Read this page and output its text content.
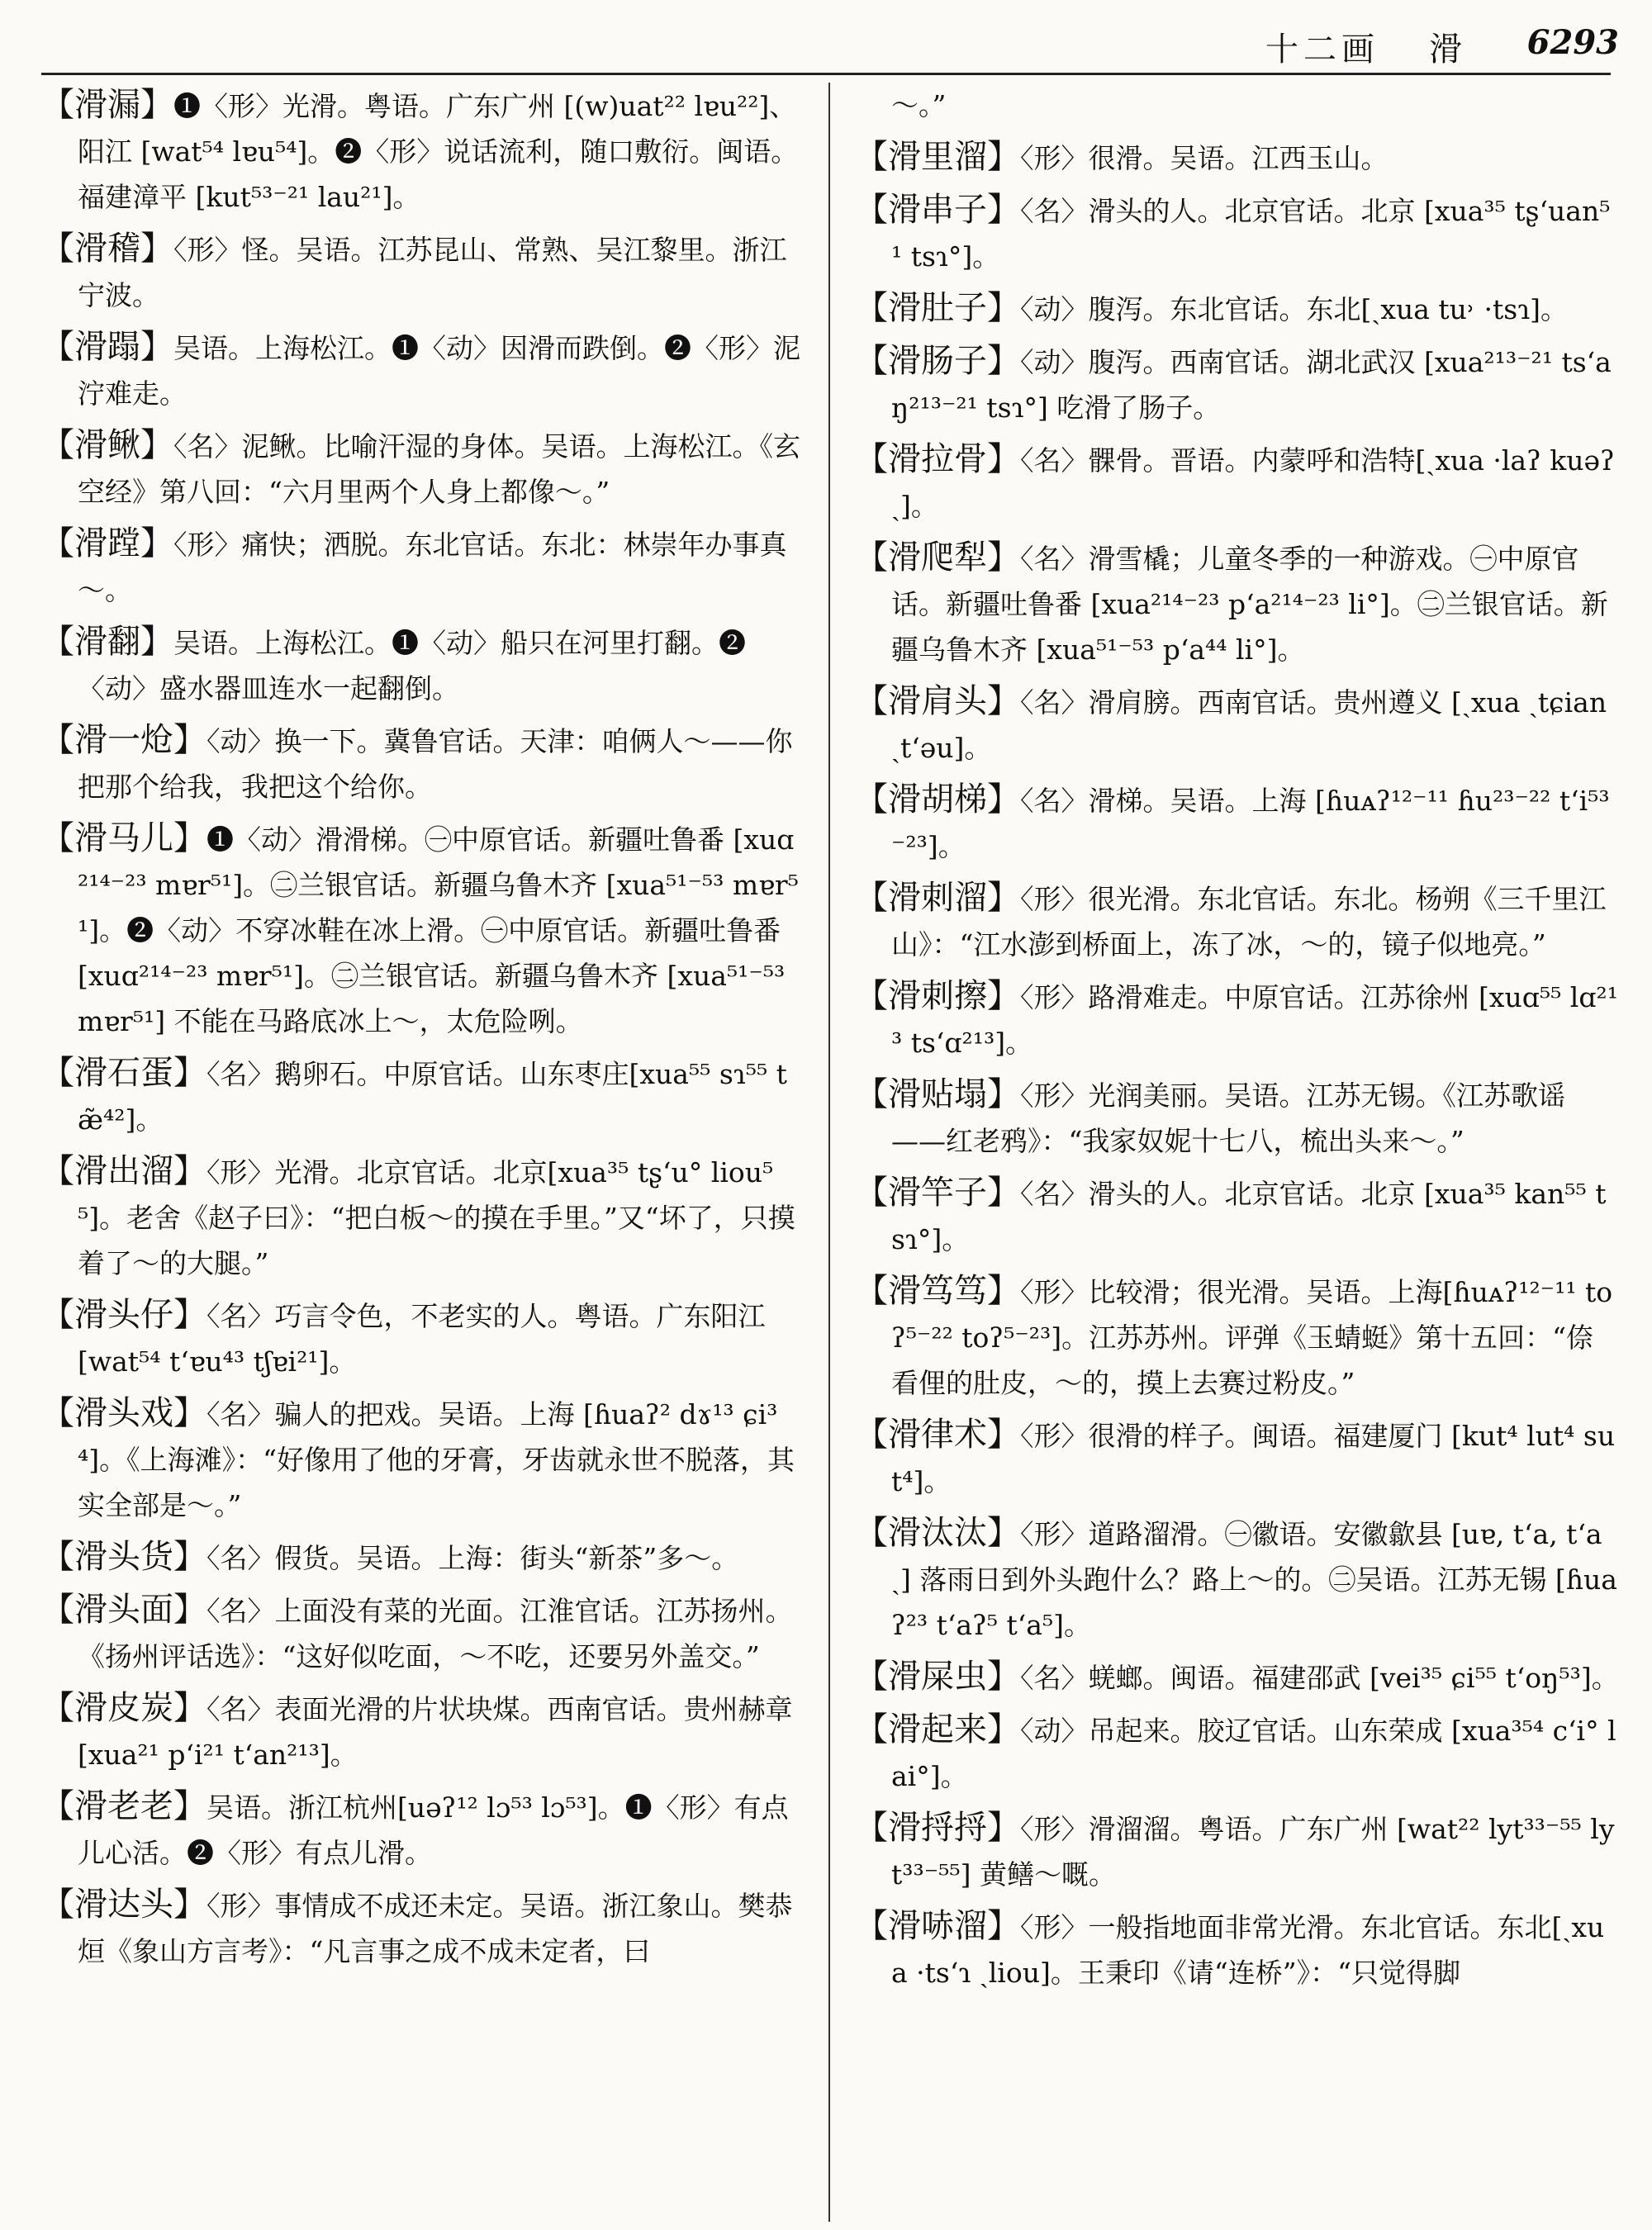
十二画 滑 6293

【滑漏】❶〈形〉光滑。粤语。广东广州 [(w)uat²² lɐu²²]、阳江 [wat⁵⁴ lɐu⁵⁴]。❷〈形〉说话流利，随口敷衍。闽语。福建漳平 [kut⁵³⁻²¹ lau²¹]。

【滑稽】〈形〉怪。吴语。江苏昆山、常熟、吴江黎里。浙江宁波。

【滑蹋】吴语。上海松江。❶〈动〉因滑而跌倒。❷〈形〉泥泞难走。

【滑鳅】〈名〉泥鳅。比喻汗湿的身体。吴语。上海松江。《玄空经》第八回：“六月里两个人身上都像～。”

【滑蹚】〈形〉痛快；洒脱。东北官话。东北：林崇年办事真～。

【滑翻】吴语。上海松江。❶〈动〉船只在河里打翻。❷〈动〉盛水器皿连水一起翻倒。

【滑一炝】〈动〉换一下。冀鲁官话。天津：咱俩人～——你把那个给我，我把这个给你。

【滑马儿】❶〈动〉滑滑梯。㊀中原官话。新疆吐鲁番 [xuɑ²¹⁴⁻²³ mɐr⁵¹]。㊁兰银官话。新疆乌鲁木齐 [xua⁵¹⁻⁵³ mɐr⁵¹]。❷〈动〉不穿冰鞋在冰上滑。㊀中原官话。新疆吐鲁番 [xuɑ²¹⁴⁻²³ mɐr⁵¹]。㊁兰银官话。新疆乌鲁木齐 [xua⁵¹⁻⁵³ mɐr⁵¹] 不能在马路底冰上～，太危险咧。

【滑石蛋】〈名〉鹅卵石。中原官话。山东枣庄[xua⁵⁵ sɿ⁵⁵ tæ̃⁴²]。

【滑出溜】〈形〉光滑。北京官话。北京[xua³⁵ tʂ‘u° liou⁵⁵]。老舍《赵子曰》：“把白板～的摸在手里。”又“坏了，只摸着了～的大腿。”

【滑头仔】〈名〉巧言令色，不老实的人。粤语。广东阳江 [wat⁵⁴ t‘ɐu⁴³ tʃɐi²¹]。

【滑头戏】〈名〉骗人的把戏。吴语。上海 [ɦuaʔ² dɤ¹³ ɕi³⁴]。《上海滩》：“好像用了他的牙膏，牙齿就永世不脱落，其实全部是～。”

【滑头货】〈名〉假货。吴语。上海：街头“新茶”多～。

【滑头面】〈名〉上面没有菜的光面。江淮官话。江苏扬州。《扬州评话选》：“这好似吃面，～不吃，还要另外盖交。”

【滑皮炭】〈名〉表面光滑的片状块煤。西南官话。贵州赫章 [xua²¹ p‘i²¹ t‘an²¹³]。

【滑老老】吴语。浙江杭州[uəʔ¹² lɔ⁵³ lɔ⁵³]。❶〈形〉有点儿心活。❷〈形〉有点儿滑。

【滑达头】〈形〉事情成不成还未定。吴语。浙江象山。樊恭烜《象山方言考》：“凡言事之成不成未定者，曰

～。”

【滑里溜】〈形〉很滑。吴语。江西玉山。

【滑串子】〈名〉滑头的人。北京官话。北京 [xua³⁵ tʂ‘uan⁵¹ tsɿ°]。

【滑肚子】〈动〉腹泻。东北官话。东北[ˏxua tu˒ ·tsɿ]。

【滑肠子】〈动〉腹泻。西南官话。湖北武汉 [xua²¹³⁻²¹ ts‘aŋ²¹³⁻²¹ tsɿ°] 吃滑了肠子。

【滑拉骨】〈名〉髁骨。晋语。内蒙呼和浩特[ˏxua ·laʔ kuəʔˎ]。

【滑爬犁】〈名〉滑雪橇；儿童冬季的一种游戏。㊀中原官话。新疆吐鲁番 [xua²¹⁴⁻²³ p‘a²¹⁴⁻²³ li°]。㊁兰银官话。新疆乌鲁木齐 [xua⁵¹⁻⁵³ p‘a⁴⁴ li°]。

【滑肩头】〈名〉滑肩膀。西南官话。贵州遵义 [ˏxua ˏtɕian ˏt‘əu]。

【滑胡梯】〈名〉滑梯。吴语。上海 [ɦuᴀʔ¹²⁻¹¹ ɦu²³⁻²² t‘i⁵³⁻²³]。

【滑刺溜】〈形〉很光滑。东北官话。东北。杨朔《三千里江山》：“江水澎到桥面上，冻了冰，～的，镜子似地亮。”

【滑刺擦】〈形〉路滑难走。中原官话。江苏徐州 [xuɑ⁵⁵ lɑ²¹³ ts‘ɑ²¹³]。

【滑贴塌】〈形〉光润美丽。吴语。江苏无锡。《江苏歌谣——红老鸦》：“我家奴妮十七八，梳出头来～。”

【滑竿子】〈名〉滑头的人。北京官话。北京 [xua³⁵ kan⁵⁵ tsɿ°]。

【滑笃笃】〈形〉比较滑；很光滑。吴语。上海[ɦuᴀʔ¹²⁻¹¹ toʔ⁵⁻²² toʔ⁵⁻²³]。江苏苏州。评弹《玉蜻蜓》第十五回：“倷看俚的肚皮，～的，摸上去赛过粉皮。”

【滑律术】〈形〉很滑的样子。闽语。福建厦门 [kut⁴ lut⁴ sut⁴]。

【滑汰汰】〈形〉道路溜滑。㊀徽语。安徽歙县 [uɐ, t‘a, t‘aˎ] 落雨日到外头跑什么？路上～的。㊁吴语。江苏无锡 [ɦuaʔ²³ t‘aʔ⁵ t‘a⁵]。

【滑屎虫】〈名〉蜣螂。闽语。福建邵武 [vei³⁵ ɕi⁵⁵ t‘oŋ⁵³]。

【滑起来】〈动〉吊起来。胶辽官话。山东荣成 [xua³⁵⁴ c‘i° lai°]。

【滑捋捋】〈形〉滑溜溜。粤语。广东广州 [wat²² lyt³³⁻⁵⁵ lyt³³⁻⁵⁵] 黄鳝～嘅。

【滑哧溜】〈形〉一般指地面非常光滑。东北官话。东北[ˏxua ·ts‘ɿ ˏliou]。王秉印《请“连桥”》：“只觉得脚
